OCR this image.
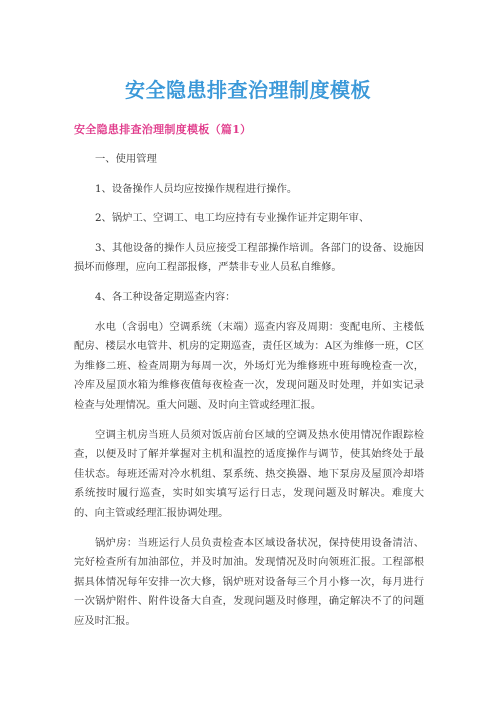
安全隐患排查治理制度模板
安全隐患排查治理制度模板（篇1）

一、使用管理

1、设备操作人员均应按操作规程进行操作。

2、锅炉工、空调工、电工均应持有专业操作证并定期年审、

3、其他设备的操作人员应接受工程部操作培训。各部门的设备、设施因损坏而修理，应向工程部报修，严禁非专业人员私自维修。

4、各工种设备定期巡查内容：

水电（含弱电）空调系统（末端）巡查内容及周期：变配电所、主楼低配房、楼层水电管井、机房的定期巡查，责任区域为：A区为维修一班，C区为维修二班、检查周期为每周一次，外场灯光为维修班中班每晚检查一次，冷库及屋顶水箱为维修夜值每夜检查一次，发现问题及时处理，并如实记录检查与处理情况。重大问题、及时向主管或经理汇报。

空调主机房当班人员须对饭店前台区域的空调及热水使用情况作跟踪检查，以便及时了解并掌握对主机和温控的适度操作与调节，使其始终处于最佳状态。每班还需对冷水机组、泵系统、热交换器、地下泵房及屋顶冷却塔系统按时履行巡查，实时如实填写运行日志，发现问题及时解决。难度大的、向主管或经理汇报协调处理。

锅炉房：当班运行人员负责检查本区域设备状况，保持使用设备清洁、完好检查所有加油部位，并及时加油。发现情况及时向领班汇报。工程部根据具体情况每年安排一次大修，锅炉班对设备每三个月小修一次，每月进行一次锅炉附件、附件设备大自查，发现问题及时修理，确定解决不了的问题应及时汇报。
